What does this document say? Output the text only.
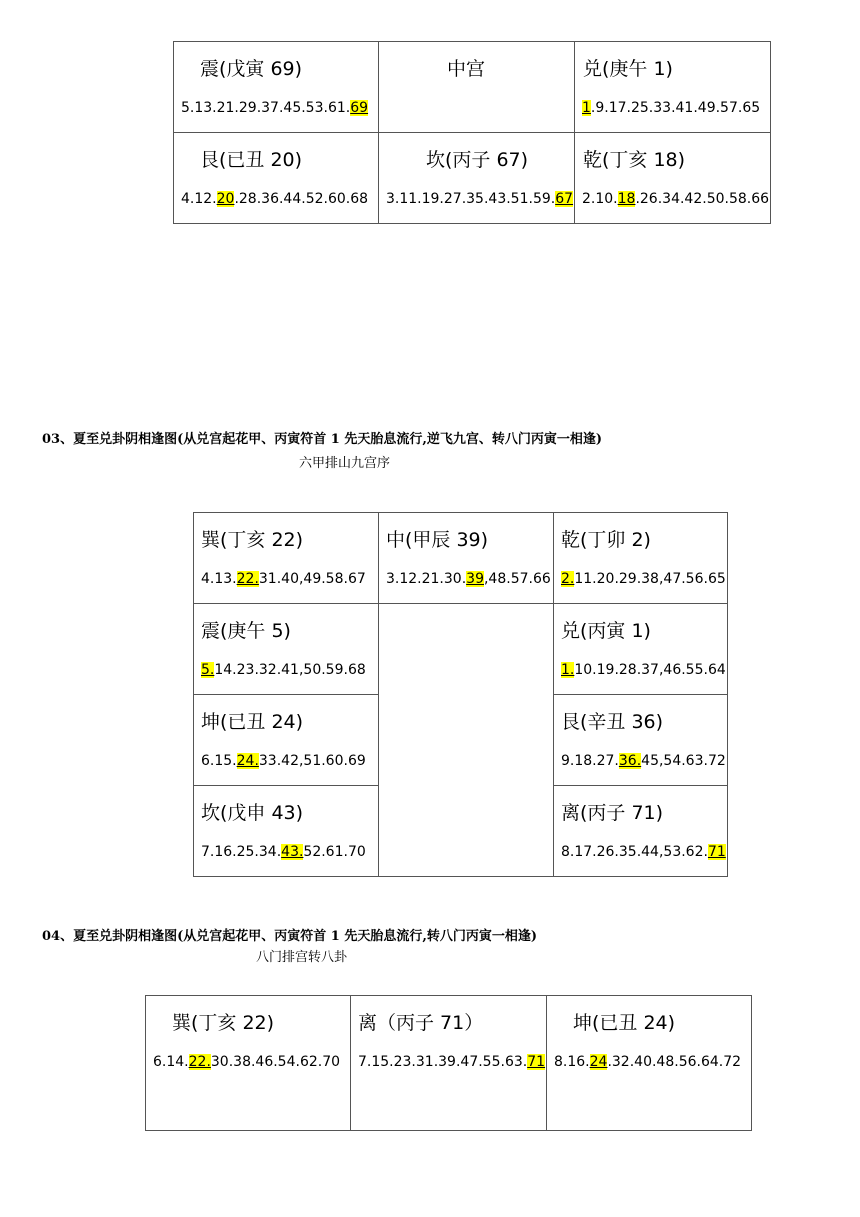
震(戊寅 69)
5.13.21.29.37.45.53.61.69
中宫	兑(庚午 1)
1.9.17.25.33.41.49.57.65
艮(已丑 20)
4.12.20.28.36.44.52.60.68
坎(丙子 67)
3.11.19.27.35.43.51.59.67
乾(丁亥 18)
2.10.18.26.34.42.50.58.66
03、夏至兑卦阴相逢图(从兑宫起花甲、丙寅符首 1 先天胎息流行,逆飞九宫、转八门丙寅一相逢)
六甲排山九宫序
巽(丁亥 22)
4.13.22.31.40,49.58.67
中(甲辰 39)
3.12.21.30.39,48.57.66
乾(丁卯 2)
2.11.20.29.38,47.56.65
震(庚午 5)
5.14.23.32.41,50.59.68
兑(丙寅 1)
1.10.19.28.37,46.55.64
坤(已丑 24)
6.15.24.33.42,51.60.69
艮(辛丑 36)
9.18.27.36.45,54.63.72
坎(戊申 43)
7.16.25.34.43.52.61.70
离(丙子 71)
8.17.26.35.44,53.62.71
04、夏至兑卦阴相逢图(从兑宫起花甲、丙寅符首 1 先天胎息流行,转八门丙寅一相逢)
八门排宫转八卦
巽(丁亥 22)
6.14.22.30.38.46.54.62.70
离（丙子 71）
7.15.23.31.39.47.55.63.71
坤(已丑 24)
8.16.24.32.40.48.56.64.72
